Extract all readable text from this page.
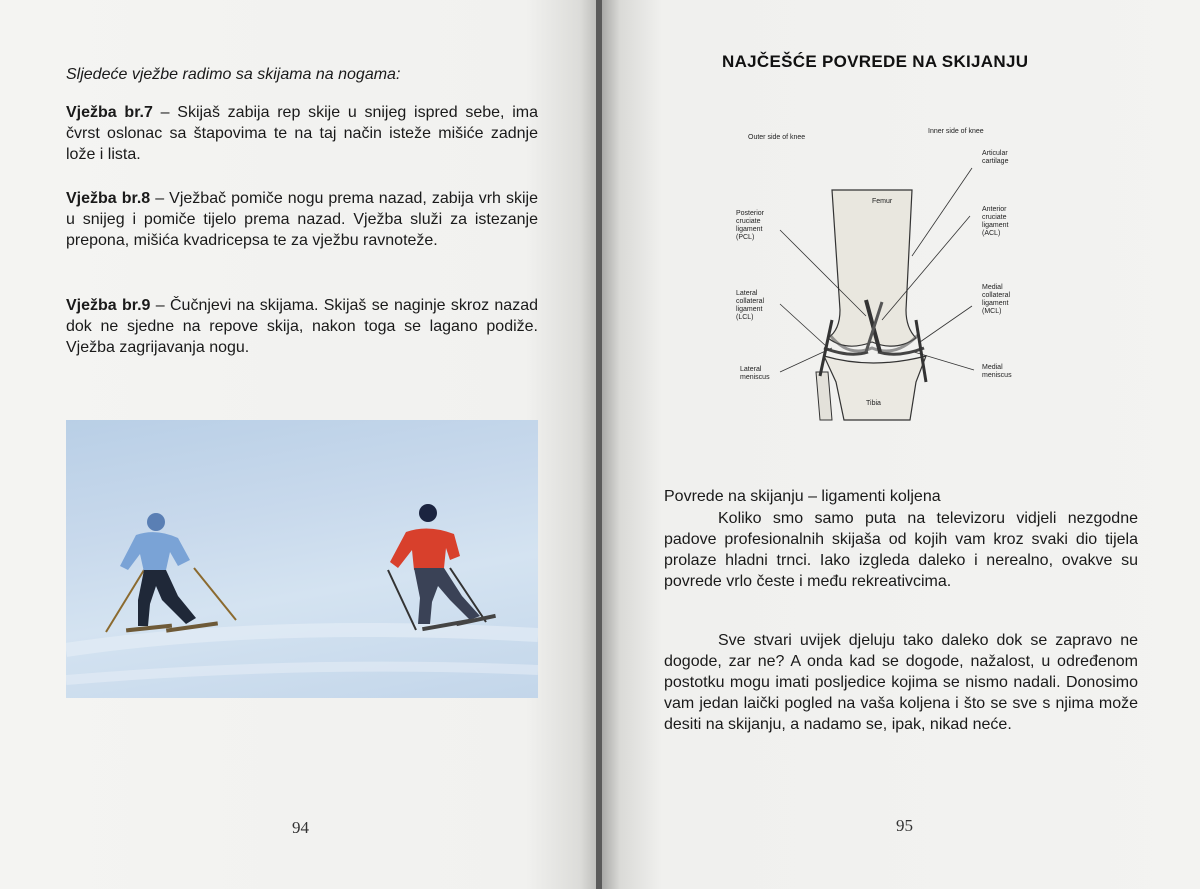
Sljedeće vježbe radimo sa skijama na nogama:
Vježba br.7 – Skijaš zabija rep skije u snijeg ispred sebe, ima čvrst oslonac sa štapovima te na taj način isteže mišiće zadnje lože i lista.
Vježba br.8 – Vježbač pomiče nogu prema nazad, zabija vrh skije u snijeg i pomiče tijelo prema nazad. Vježba služi za istezanje prepona, mišića kvadricepsa te za vježbu ravnoteže.
Vježba br.9 – Čučnjevi na skijama. Skijaš se naginje skroz nazad dok ne sjedne na repove skija, nakon toga se lagano podiže. Vježba zagrijavanja nogu.
94
NAJČEŠĆE POVREDE NA SKIJANJU
Outer side of knee
Inner side of knee
Articular cartilage
Femur
Posterior cruciate ligament (PCL)
Anterior cruciate ligament (ACL)
Lateral collateral ligament (LCL)
Medial collateral ligament (MCL)
Lateral meniscus
Medial meniscus
Tibia
Povrede na skijanju – ligamenti koljena
Koliko smo samo puta na televizoru vidjeli nezgodne padove profesionalnih skijaša od kojih vam kroz svaki dio tijela prolaze hladni trnci. Iako izgleda daleko i nerealno, ovakve su povrede vrlo česte i među rekreativcima.
Sve stvari uvijek djeluju tako daleko dok se zapravo ne dogode, zar ne? A onda kad se dogode, nažalost, u određenom postotku mogu imati posljedice kojima se nismo nadali. Donosimo vam jedan laički pogled na vaša koljena i što se sve s njima može desiti na skijanju, a nadamo se, ipak, nikad neće.
95
